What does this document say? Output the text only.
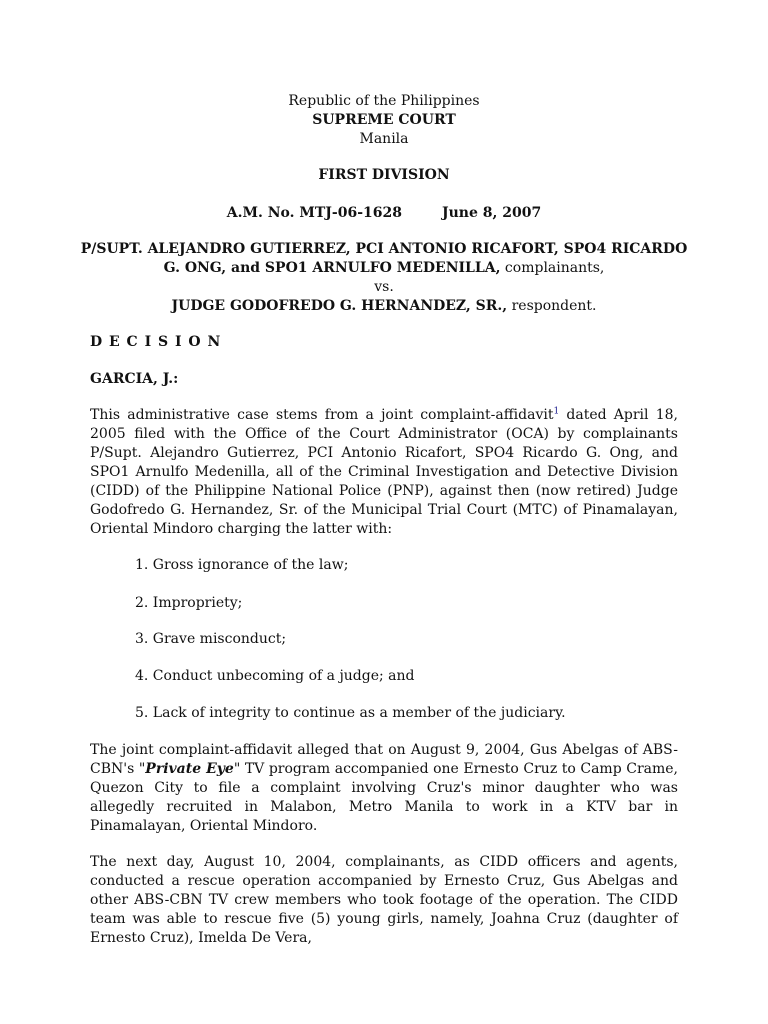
Republic of the Philippines
SUPREME COURT
Manila
FIRST DIVISION
A.M. No. MTJ-06-1628	June 8, 2007
P/SUPT. ALEJANDRO GUTIERREZ, PCI ANTONIO RICAFORT, SPO4 RICARDO
G. ONG, and SPO1 ARNULFO MEDENILLA, complainants,
vs.
JUDGE GODOFREDO G. HERNANDEZ, SR., respondent.
D E C I S I O N
GARCIA, J.:
This administrative case stems from a joint complaint-affidavit$^1$ dated April 18, 2005 filed with the Office of the Court Administrator (OCA) by complainants P/Supt. Alejandro Gutierrez, PCI Antonio Ricafort, SPO4 Ricardo G. Ong, and SPO1 Arnulfo Medenilla, all of the Criminal Investigation and Detective Division (CIDD) of the Philippine National Police (PNP), against then (now retired) Judge Godofredo G. Hernandez, Sr. of the Municipal Trial Court (MTC) of Pinamalayan, Oriental Mindoro charging the latter with:
1. Gross ignorance of the law;
2. Impropriety;
3. Grave misconduct;
4. Conduct unbecoming of a judge; and
5. Lack of integrity to continue as a member of the judiciary.
The joint complaint-affidavit alleged that on August 9, 2004, Gus Abelgas of ABS-CBN's "Private Eye" TV program accompanied one Ernesto Cruz to Camp Crame, Quezon City to file a complaint involving Cruz's minor daughter who was allegedly recruited in Malabon, Metro Manila to work in a KTV bar in Pinamalayan, Oriental Mindoro.
The next day, August 10, 2004, complainants, as CIDD officers and agents, conducted a rescue operation accompanied by Ernesto Cruz, Gus Abelgas and other ABS-CBN TV crew members who took footage of the operation. The CIDD team was able to rescue five (5) young girls, namely, Joahna Cruz (daughter of Ernesto Cruz), Imelda De Vera,
